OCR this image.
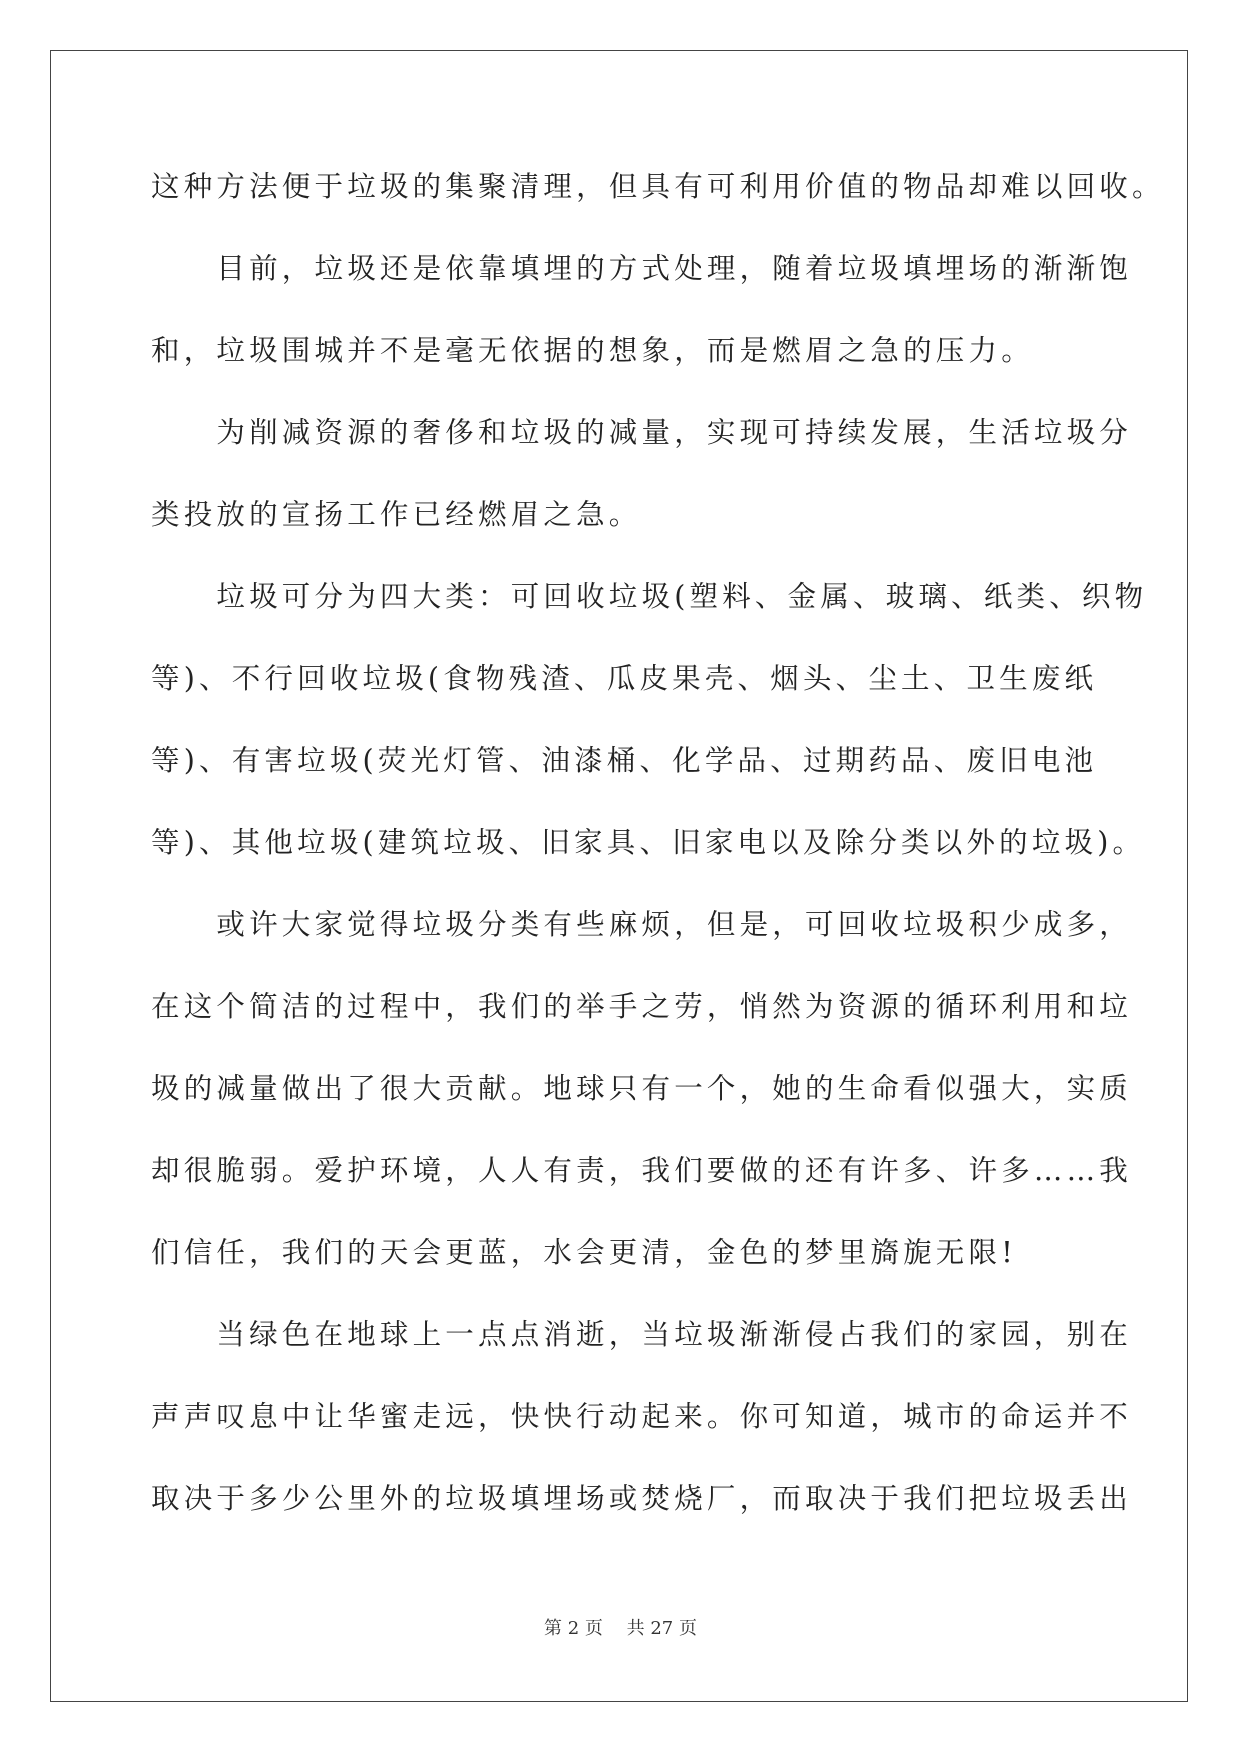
这种方法便于垃圾的集聚清理，但具有可利用价值的物品却难以回收。
　　目前，垃圾还是依靠填埋的方式处理，随着垃圾填埋场的渐渐饱
和，垃圾围城并不是毫无依据的想象，而是燃眉之急的压力。
　　为削减资源的奢侈和垃圾的减量，实现可持续发展，生活垃圾分
类投放的宣扬工作已经燃眉之急。
　　垃圾可分为四大类：可回收垃圾(塑料、金属、玻璃、纸类、织物
等)、不行回收垃圾(食物残渣、瓜皮果壳、烟头、尘土、卫生废纸
等)、有害垃圾(荧光灯管、油漆桶、化学品、过期药品、废旧电池
等)、其他垃圾(建筑垃圾、旧家具、旧家电以及除分类以外的垃圾)。
　　或许大家觉得垃圾分类有些麻烦，但是，可回收垃圾积少成多，
在这个简洁的过程中，我们的举手之劳，悄然为资源的循环利用和垃
圾的减量做出了很大贡献。地球只有一个，她的生命看似强大，实质
却很脆弱。爱护环境，人人有责，我们要做的还有许多、许多……我
们信任，我们的天会更蓝，水会更清，金色的梦里旖旎无限!
　　当绿色在地球上一点点消逝，当垃圾渐渐侵占我们的家园，别在
声声叹息中让华蜜走远，快快行动起来。你可知道，城市的命运并不
取决于多少公里外的垃圾填埋场或焚烧厂，而取决于我们把垃圾丢出
第 2 页　 共 27 页
